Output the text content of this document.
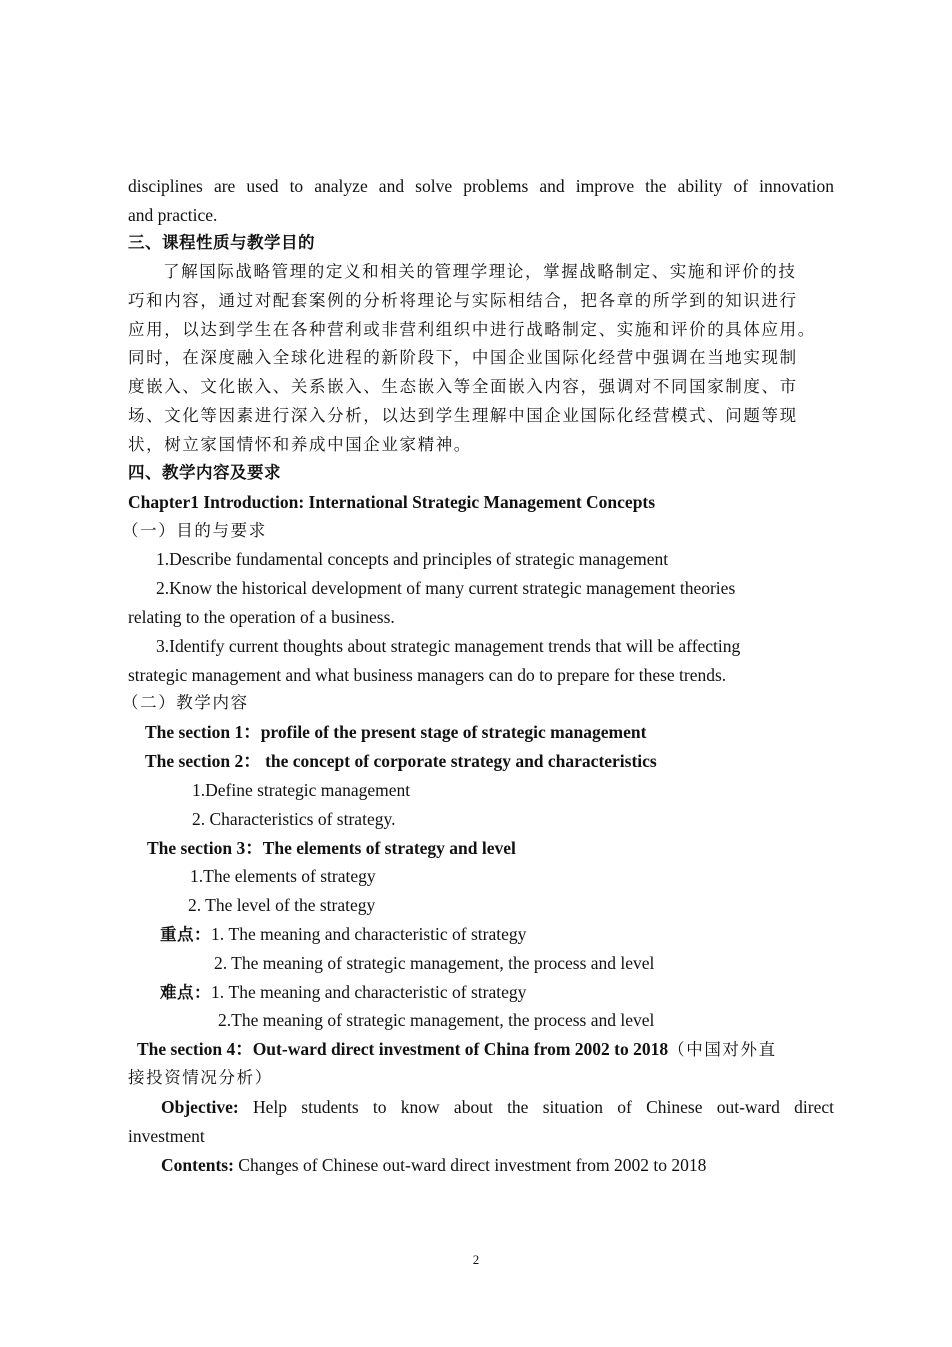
disciplines are used to analyze and solve problems and improve the ability of innovation
and practice.
三、课程性质与教学目的
了解国际战略管理的定义和相关的管理学理论，掌握战略制定、实施和评价的技
巧和内容，通过对配套案例的分析将理论与实际相结合，把各章的所学到的知识进行
应用，以达到学生在各种营利或非营利组织中进行战略制定、实施和评价的具体应用。
同时，在深度融入全球化进程的新阶段下，中国企业国际化经营中强调在当地实现制
度嵌入、文化嵌入、关系嵌入、生态嵌入等全面嵌入内容，强调对不同国家制度、市
场、文化等因素进行深入分析，以达到学生理解中国企业国际化经营模式、问题等现
状，树立家国情怀和养成中国企业家精神。
四、教学内容及要求
Chapter1 Introduction: International Strategic Management Concepts
（一）目的与要求
1.Describe fundamental concepts and principles of strategic management
2.Know the historical development of many current strategic management theories
relating to the operation of a business.
3.Identify current thoughts about strategic management trends that will be affecting
strategic management and what business managers can do to prepare for these trends.
（二）教学内容
The section 1：profile of the present stage of strategic management
The section 2： the concept of corporate strategy and characteristics
1.Define strategic management
2. Characteristics of strategy.
The section 3：The elements of strategy and level
1.The elements of strategy
2. The level of the strategy
重点：1. The meaning and characteristic of strategy
2. The meaning of strategic management, the process and level
难点：1. The meaning and characteristic of strategy
2.The meaning of strategic management, the process and level
The section 4：Out-ward direct investment of China from 2002 to 2018（中国对外直
接投资情况分析）
Objective: Help students to know about the situation of Chinese out-ward direct
investment
Contents: Changes of Chinese out-ward direct investment from 2002 to 2018
2
